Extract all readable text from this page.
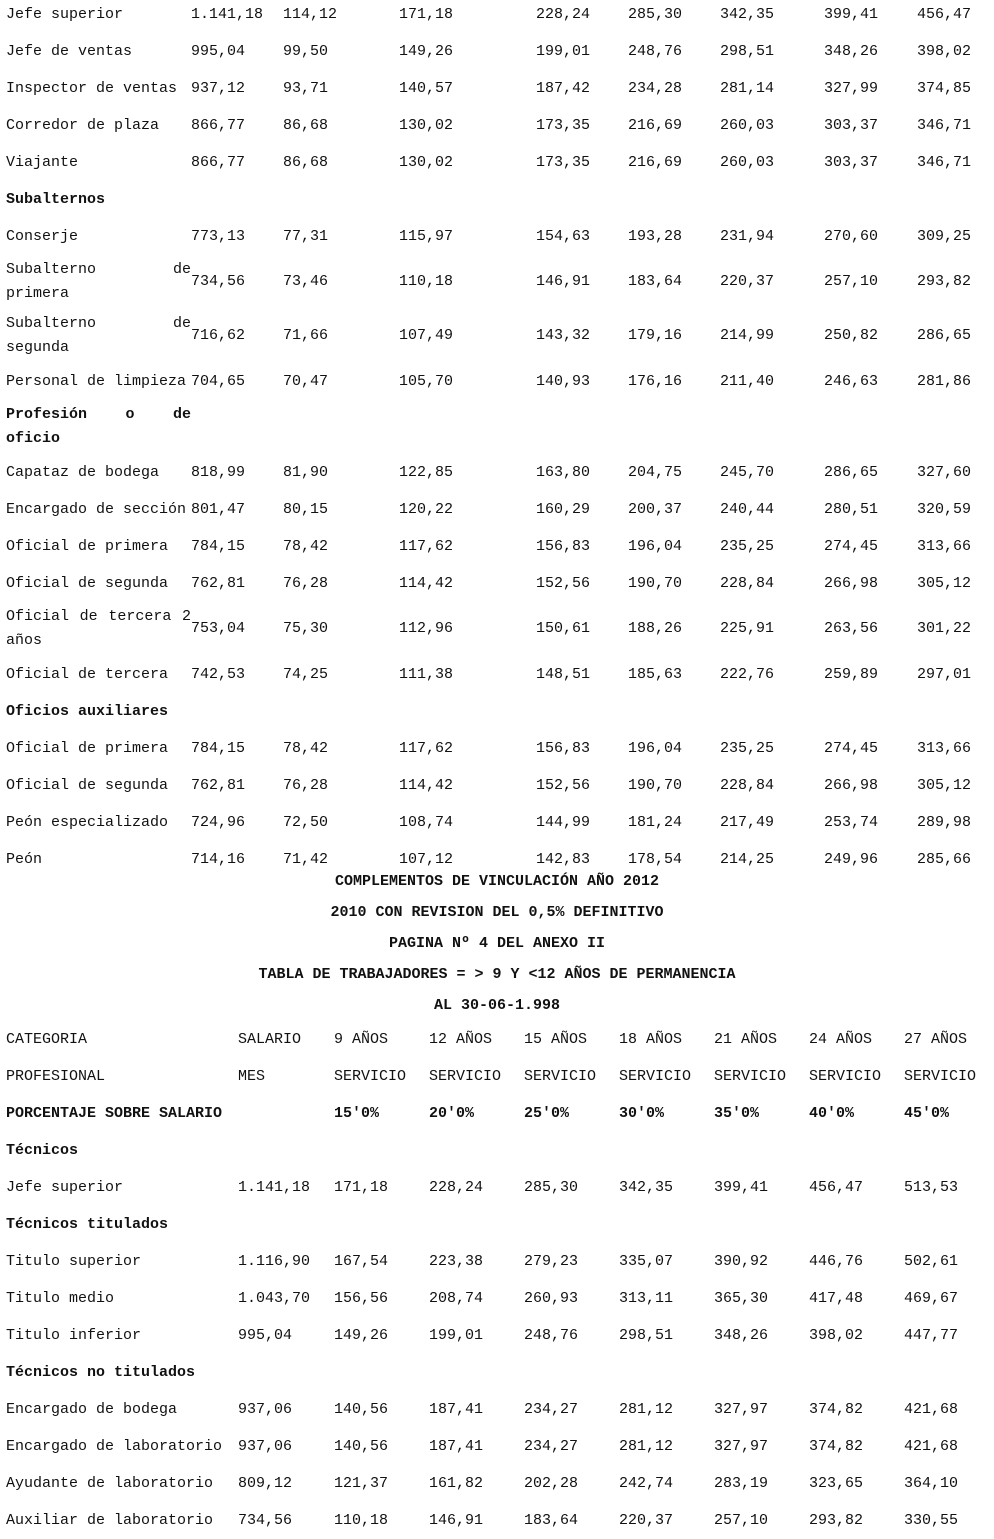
Jefe superior	1.141,18	114,12	171,18	228,24	285,30	342,35	399,41	456,47
Jefe de ventas	995,04	99,50	149,26	199,01	248,76	298,51	348,26	398,02
Inspector de ventas	937,12	93,71	140,57	187,42	234,28	281,14	327,99	374,85
Corredor de plaza	866,77	86,68	130,02	173,35	216,69	260,03	303,37	346,71
Viajante	866,77	86,68	130,02	173,35	216,69	260,03	303,37	346,71
Subalternos								
Conserje	773,13	77,31	115,97	154,63	193,28	231,94	270,60	309,25
Subalterno de primera	734,56	73,46	110,18	146,91	183,64	220,37	257,10	293,82
Subalterno de segunda	716,62	71,66	107,49	143,32	179,16	214,99	250,82	286,65
Personal de limpieza	704,65	70,47	105,70	140,93	176,16	211,40	246,63	281,86
Profesión o de oficio								
Capataz de bodega	818,99	81,90	122,85	163,80	204,75	245,70	286,65	327,60
Encargado de sección	801,47	80,15	120,22	160,29	200,37	240,44	280,51	320,59
Oficial de primera	784,15	78,42	117,62	156,83	196,04	235,25	274,45	313,66
Oficial de segunda	762,81	76,28	114,42	152,56	190,70	228,84	266,98	305,12
Oficial de tercera 2 años	753,04	75,30	112,96	150,61	188,26	225,91	263,56	301,22
Oficial de tercera	742,53	74,25	111,38	148,51	185,63	222,76	259,89	297,01
Oficios auxiliares								
Oficial de primera	784,15	78,42	117,62	156,83	196,04	235,25	274,45	313,66
Oficial de segunda	762,81	76,28	114,42	152,56	190,70	228,84	266,98	305,12
Peón especializado	724,96	72,50	108,74	144,99	181,24	217,49	253,74	289,98
Peón	714,16	71,42	107,12	142,83	178,54	214,25	249,96	285,66
COMPLEMENTOS DE VINCULACIÓN AÑO 2012
2010 CON REVISION DEL 0,5% DEFINITIVO
PAGINA Nº 4 DEL ANEXO II
TABLA DE TRABAJADORES = > 9 Y <12 AÑOS DE PERMANENCIA
AL 30-06-1.998
CATEGORIA	SALARIO	9 AÑOS	12 AÑOS	15 AÑOS	18 AÑOS	21 AÑOS	24 AÑOS	27 AÑOS
PROFESIONAL	MES	SERVICIO	SERVICIO	SERVICIO	SERVICIO	SERVICIO	SERVICIO	SERVICIO
PORCENTAJE SOBRE SALARIO		15'0%	20'0%	25'0%	30'0%	35'0%	40'0%	45'0%
Técnicos								
Jefe superior	1.141,18	171,18	228,24	285,30	342,35	399,41	456,47	513,53
Técnicos titulados								
Titulo superior	1.116,90	167,54	223,38	279,23	335,07	390,92	446,76	502,61
Titulo medio	1.043,70	156,56	208,74	260,93	313,11	365,30	417,48	469,67
Titulo inferior	995,04	149,26	199,01	248,76	298,51	348,26	398,02	447,77
Técnicos no titulados								
Encargado de bodega	937,06	140,56	187,41	234,27	281,12	327,97	374,82	421,68
Encargado de laboratorio	937,06	140,56	187,41	234,27	281,12	327,97	374,82	421,68
Ayudante de laboratorio	809,12	121,37	161,82	202,28	242,74	283,19	323,65	364,10
Auxiliar de laboratorio	734,56	110,18	146,91	183,64	220,37	257,10	293,82	330,55
